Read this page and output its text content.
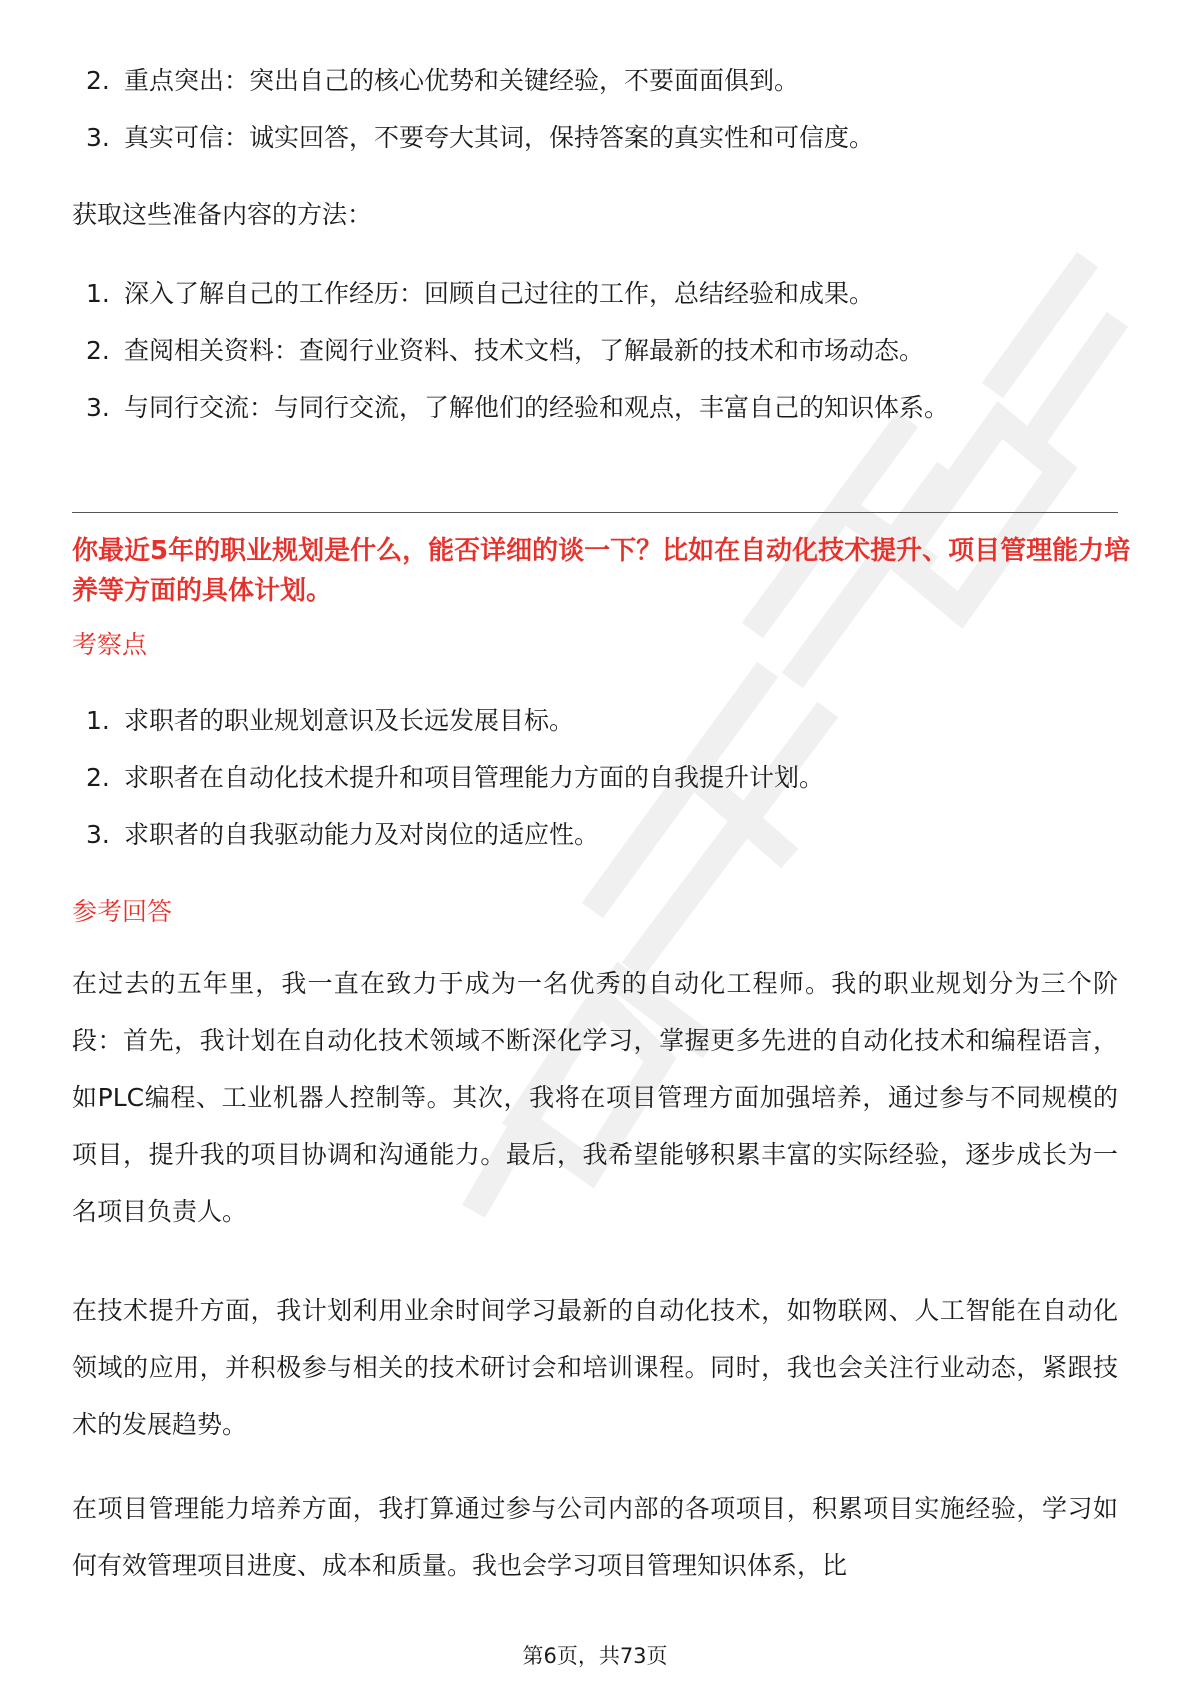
2. 重点突出：突出自己的核心优势和关键经验，不要面面俱到。
3. 真实可信：诚实回答，不要夸大其词，保持答案的真实性和可信度。

获取这些准备内容的方法：

1. 深入了解自己的工作经历：回顾自己过往的工作，总结经验和成果。
2. 查阅相关资料：查阅行业资料、技术文档，了解最新的技术和市场动态。
3. 与同行交流：与同行交流，了解他们的经验和观点，丰富自己的知识体系。

你最近5年的职业规划是什么，能否详细的谈一下？比如在自动化技术提升、项目管理能力培养等方面的具体计划。

考察点
1. 求职者的职业规划意识及长远发展目标。
2. 求职者在自动化技术提升和项目管理能力方面的自我提升计划。
3. 求职者的自我驱动能力及对岗位的适应性。
参考回答

在过去的五年里，我一直在致力于成为一名优秀的自动化工程师。我的职业规划分为三个阶段：首先，我计划在自动化技术领域不断深化学习，掌握更多先进的自动化技术和编程语言，如PLC编程、工业机器人控制等。其次，我将在项目管理方面加强培养，通过参与不同规模的项目，提升我的项目协调和沟通能力。最后，我希望能够积累丰富的实际经验，逐步成长为一名项目负责人。

在技术提升方面，我计划利用业余时间学习最新的自动化技术，如物联网、人工智能在自动化领域的应用，并积极参与相关的技术研讨会和培训课程。同时，我也会关注行业动态，紧跟技术的发展趋势。

在项目管理能力培养方面，我打算通过参与公司内部的各项项目，积累项目实施经验，学习如何有效管理项目进度、成本和质量。我也会学习项目管理知识体系，比

第6页，共73页
